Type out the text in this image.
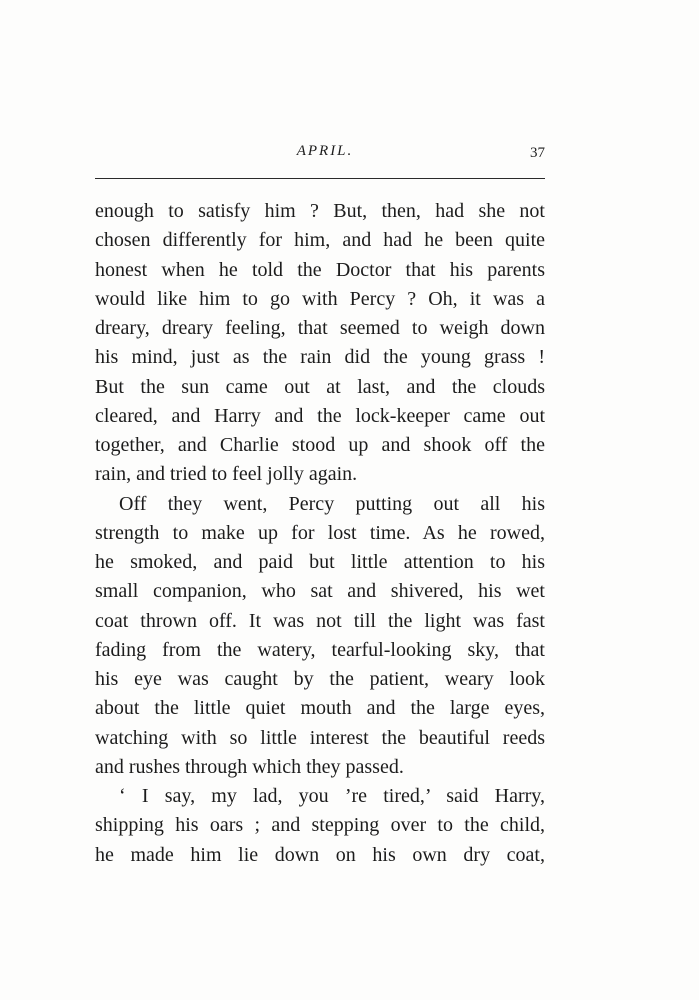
APRIL.	37
enough to satisfy him ? But, then, had she not
chosen differently for him, and had he been quite
honest when he told the Doctor that his parents
would like him to go with Percy ? Oh, it was a
dreary, dreary feeling, that seemed to weigh down
his mind, just as the rain did the young grass !
But the sun came out at last, and the clouds
cleared, and Harry and the lock-keeper came out
together, and Charlie stood up and shook off the
rain, and tried to feel jolly again.
Off they went, Percy putting out all his
strength to make up for lost time. As he rowed,
he smoked, and paid but little attention to his
small companion, who sat and shivered, his wet
coat thrown off. It was not till the light was fast
fading from the watery, tearful-looking sky, that
his eye was caught by the patient, weary look
about the little quiet mouth and the large eyes,
watching with so little interest the beautiful reeds
and rushes through which they passed.
‘ I say, my lad, you ’re tired,’ said Harry,
shipping his oars ; and stepping over to the child,
he made him lie down on his own dry coat,
